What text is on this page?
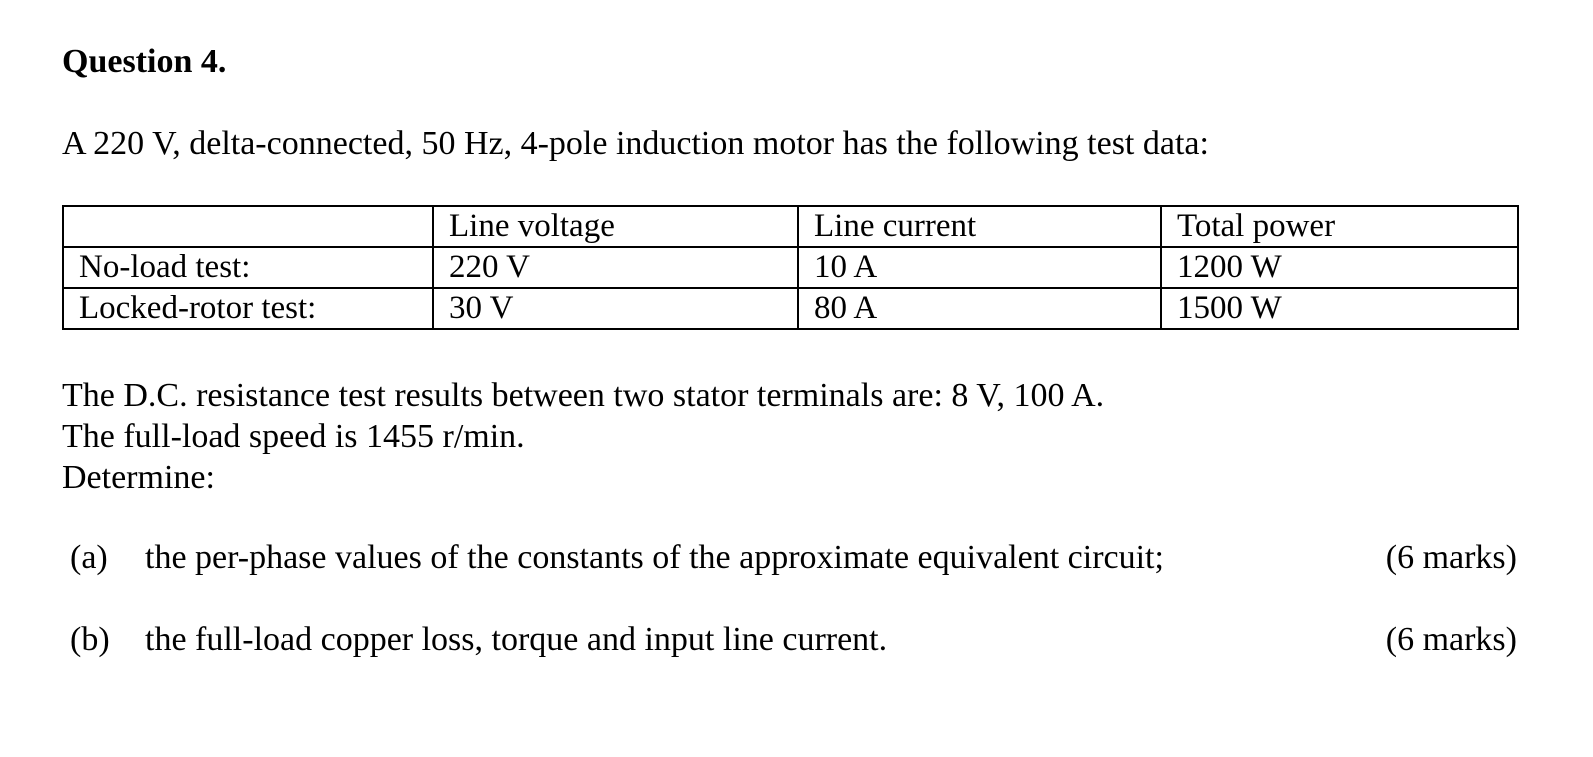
Question 4.
A 220 V, delta-connected, 50 Hz, 4-pole induction motor has the following test data:
	Line voltage	Line current	Total power
No-load test:	220 V	10 A	1200 W
Locked-rotor test:	30 V	80 A	1500 W
The D.C. resistance test results between two stator terminals are: 8 V, 100 A.
The full-load speed is 1455 r/min.
Determine:
(a) the per-phase values of the constants of the approximate equivalent circuit;	(6 marks)
(b) the full-load copper loss, torque and input line current.	(6 marks)
